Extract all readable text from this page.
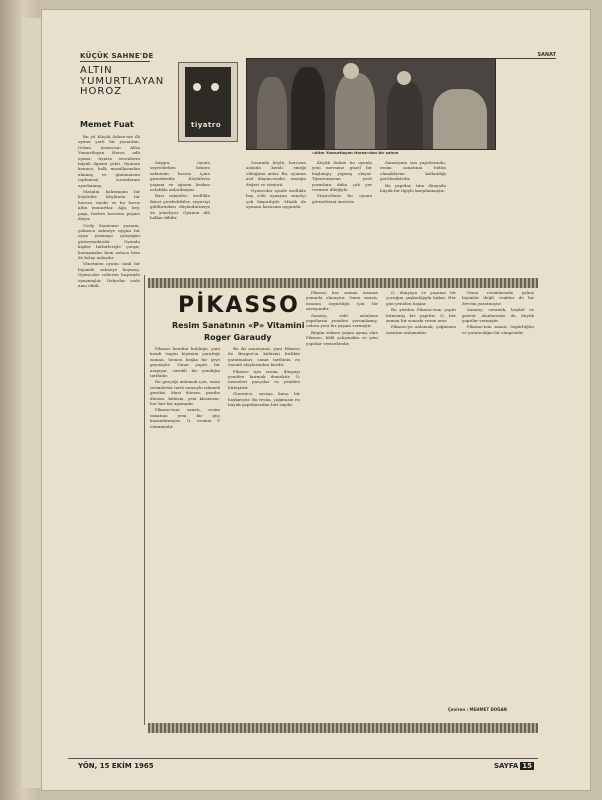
SANAT
KÜÇÜK SAHNE'DE
ALTIN
YUMURTLAYAN
HOROZ
Memet Fuat	tiyatro
«Altın Yumurtlayan Horoz»dan bir sahne

Bu yıl Küçük Sahne'nin ilk oyunu yerli bir yazardan. Orhan Asena'nın Altın Yumurtlayan Horoz adlı oyunu, tiyatro sevenlerin büyük ilgisini çekti. Oyunun konusu, halk masallarından alınmış ve günümüzün toplumsal sorunlarına uyarlanmış.

Masalın kahramanı bir köylüdür. Köylünün bir horozu vardır ve bu horoz altın yumurtlar. Ağa, bey, paşa, herkes horozun peşine düşer.

Cerly Sauneuse yazarın, yalnızca sahneye uygun bir oyun yazmaya çalıştığını göstermektedir. Oyunda kişiler birbirleriyle çatışır, konuşmalar hem ustaca hem de kolay anlaşılır.

Yönetmen oyunu canlı bir biçimde sahneye koymuş. Oyuncular rollerini başarıyla oynamışlar. Dekorlar sade ama etkili.

Saygın, oyunu seyrederken hemen sahnenin havası içine girmektedir. Köylülerin yaşamı ve ağanın baskısı ustalıkla anlatılmıştır.

Bazı sahneler, özellikle ikinci perdedekiler, seyirciyi güldürürken düşündürmeye de yöneliyor. Oyunun dili halkın dilidir.

Sonunda köylü, horozun aslında kendi emeği olduğunu anlar. Bu, oyunun asıl düşüncesidir: emeğin değeri ve sömürü.

Oyuncular içinde özellikle baş rolü oynayan sanatçı çok başarılıydı. Müzik de oyunun havasına uygundu.

Küçük Sahne bu oyunla yeni mevsime güzel bir başlangıç yapmış oluyor. Tiyatromuzun yerli yazarlara daha çok yer vermesi dileğiyle.

Seyircilerin bu oyunu görmelerini öneririz.

Sanatçının son yapıtlarında, resim sanatının bütün olanaklarını kullandığı görülmektedir.

Bu yapıtlar, tüm dünyada büyük bir ilgiyle karşılanmıştır.

PİKASSO
Resim Sanatının «P» Vitamini
Roger Garaudy

Pikasso kendini bulduğu, yani kendi özgün biçimini yarattığı zaman, hemen başka bir şeye geçmiştir. Onun yapıtı bir arayışın, sürekli bir yeniliğin tarihidir.

Bu gerçeği anlamak için, onun resimlerini tarih sırasıyla izlemek gerekir. Mavi dönem, pembe dönem, kübizm, yeni klasisizm; her biri bir aşamadır.

Pikasso'nun sanatı, resim sanatına yeni bir güç kazandırmıştır. O, resmin P vitaminidir.

Bu iki sanatçının, yani Pikasso ile Braque'ın kübizmi birlikte yaratmaları, sanat tarihinin en önemli olaylarından biridir.

Pikasso için resim, dünyayı yeniden kurmak demektir. O, nesneleri parçalar ve yeniden birleştirir.

Guernica, savaşa karşı bir haykırıştır. Bu resim, çağımızın en büyük yapıtlarından biri sayılır.

Pikasso her zaman insanın yanında olmuştur. Onun sanatı, insanın özgürlüğü için bir savaşımdır.

Sanatçı, eski ustaların yapıtlarını yeniden yorumlamış, onlara yeni bir yaşam vermiştir.

Bugün seksen yaşını aşmış olan Pikasso, hâlâ çalışmakta ve yeni yapıtlar vermektedir.

O, dünyaya ve yaşama bir çocuğun şaşkınlığıyla bakar. Her gün yeniden başlar.

Bu yüzden Pikasso'nun yapıtı bitmemiş bir yapıttır. O, her zaman bir sonraki resmi arar.

Pikasso'yu anlamak, çağımızın sanatını anlamaktır.

Onun resimlerinde yalnız biçimler değil, renkler de bir devrim yaratmıştır.

Sanatçı, seramik, heykel ve gravür alanlarında da büyük yapıtlar vermiştir.

Pikasso'nun sanatı, özgürlüğün ve yaratıcılığın bir simgesidir.

Çeviren : MEHMET DOĞAN
YÖN, 15 EKİM 1965	SAYFA 15
